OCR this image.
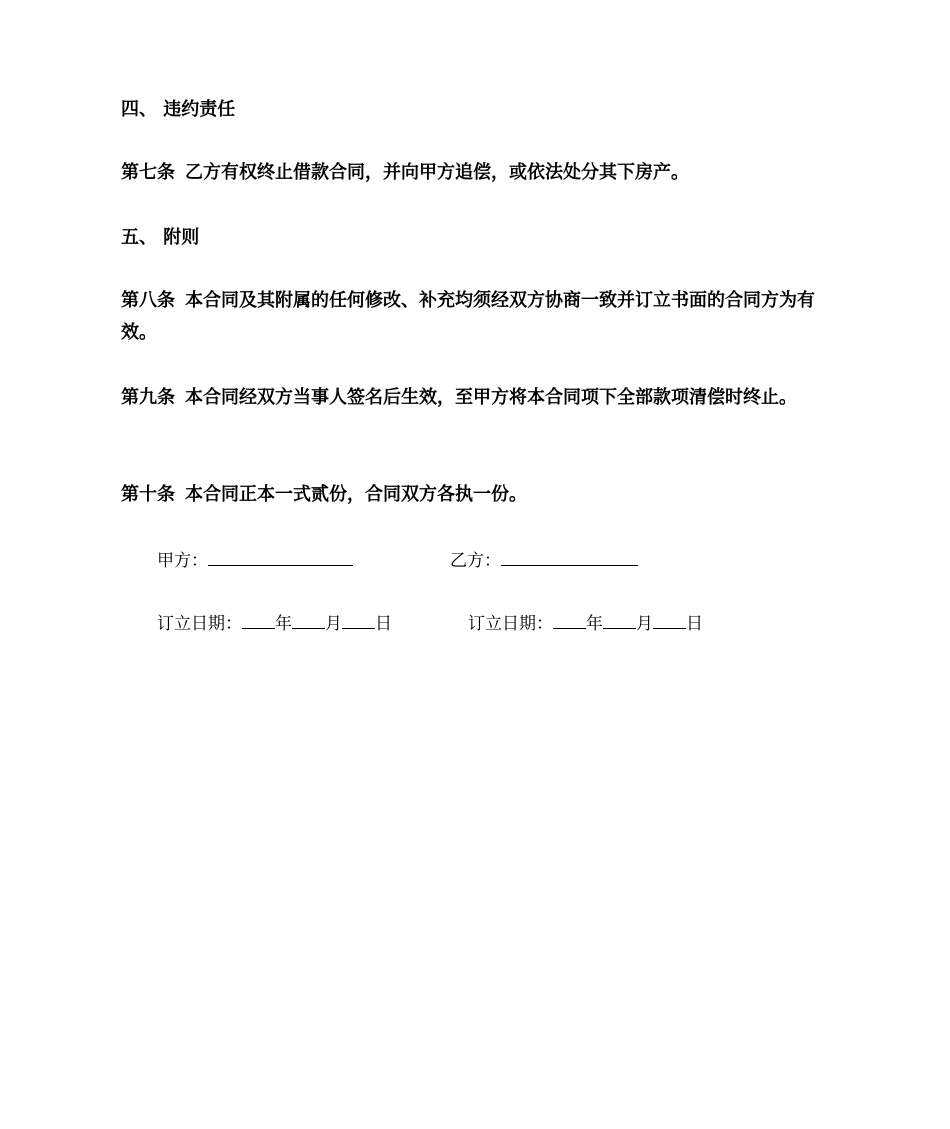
四、 违约责任
第七条 乙方有权终止借款合同，并向甲方追偿，或依法处分其下房产。
五、 附则
第八条 本合同及其附属的任何修改、补充均须经双方协商一致并订立书面的合同方为有效。
第九条 本合同经双方当事人签名后生效，至甲方将本合同项下全部款项清偿时终止。
第十条 本合同正本一式贰份，合同双方各执一份。
甲方：	乙方：
订立日期： 年 月 日	订立日期： 年 月 日
